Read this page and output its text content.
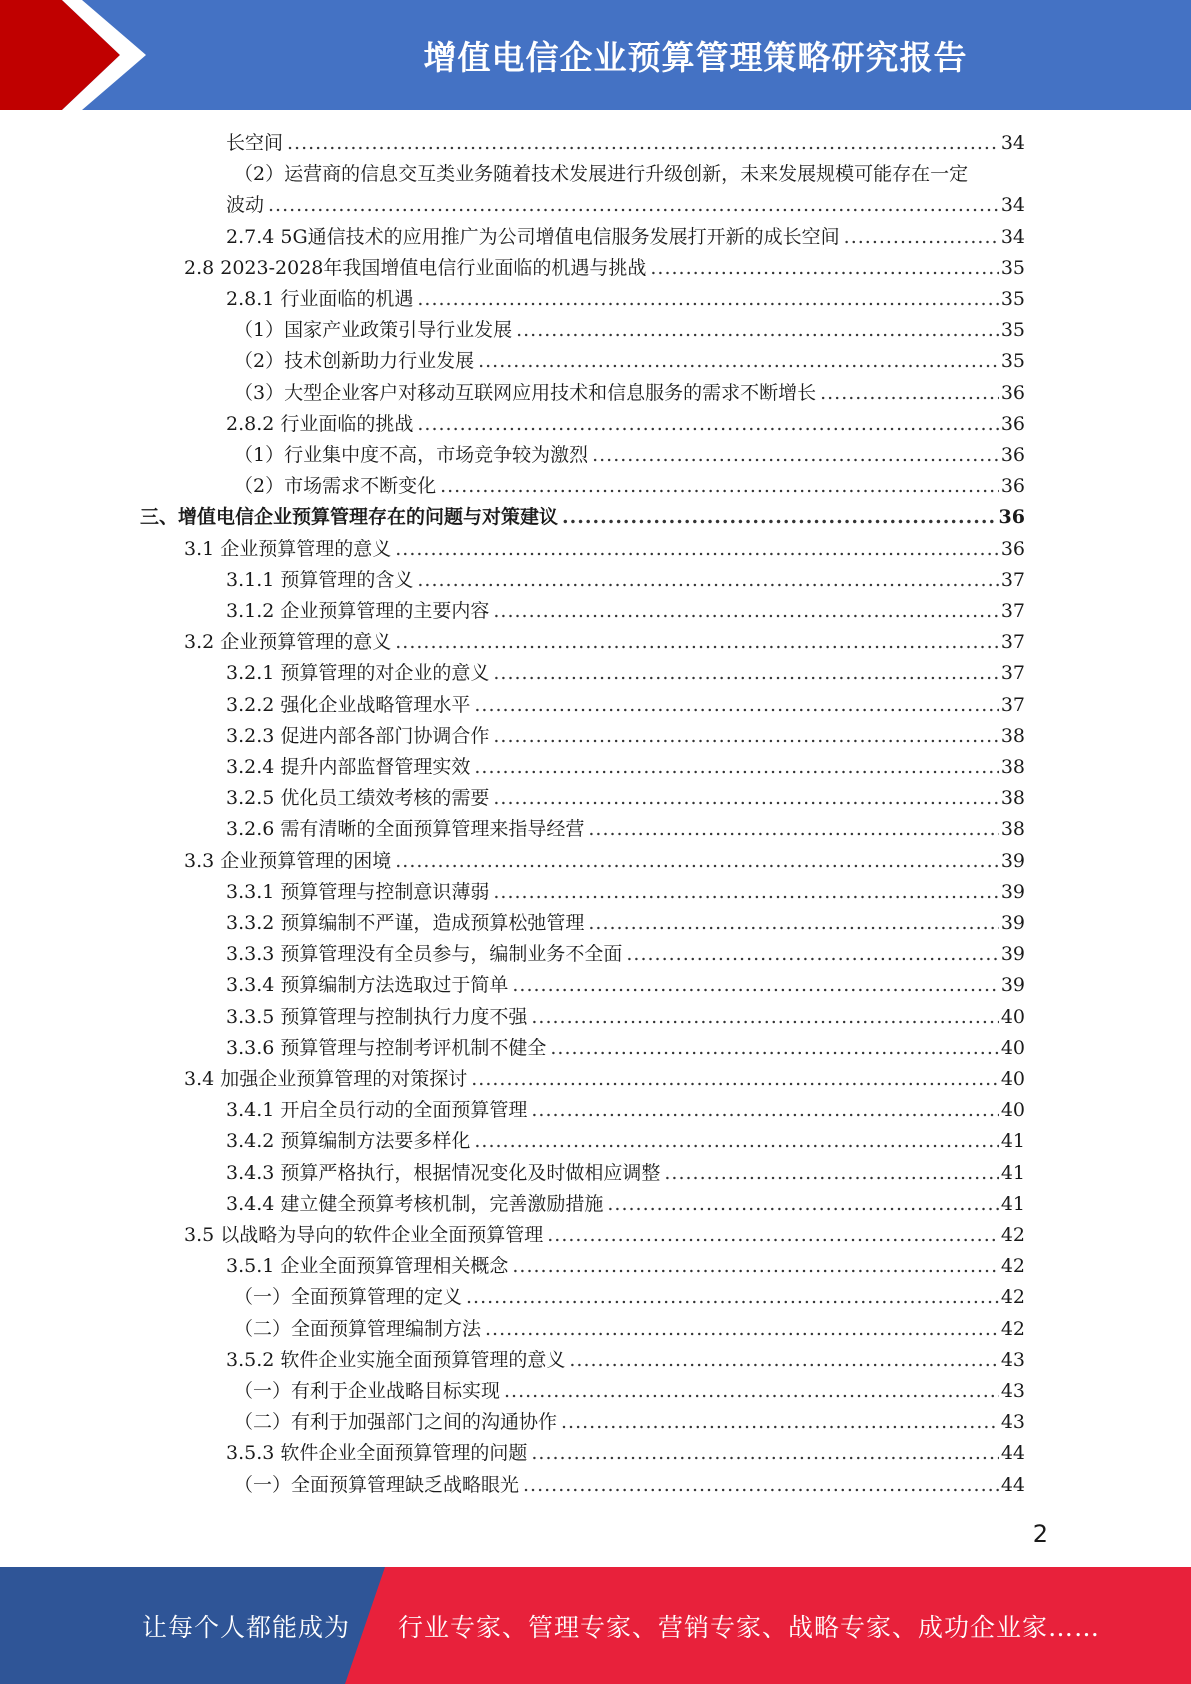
增值电信企业预算管理策略研究报告
长空间 .....	34
（2）运营商的信息交互类业务随着技术发展进行升级创新，未来发展规模可能存在一定
波动 .....	34
2.7.4 5G通信技术的应用推广为公司增值电信服务发展打开新的成长空间 .....	34
2.8 2023-2028年我国增值电信行业面临的机遇与挑战 .....	35
2.8.1 行业面临的机遇 .....	35
（1）国家产业政策引导行业发展 .....	35
（2）技术创新助力行业发展 .....	35
（3）大型企业客户对移动互联网应用技术和信息服务的需求不断增长 .....	36
2.8.2 行业面临的挑战 .....	36
（1）行业集中度不高，市场竞争较为激烈 .....	36
（2）市场需求不断变化 .....	36
三、增值电信企业预算管理存在的问题与对策建议 .....	36
3.1 企业预算管理的意义 .....	36
3.1.1 预算管理的含义 .....	37
3.1.2 企业预算管理的主要内容 .....	37
3.2 企业预算管理的意义 .....	37
3.2.1 预算管理的对企业的意义 .....	37
3.2.2 强化企业战略管理水平 .....	37
3.2.3 促进内部各部门协调合作 .....	38
3.2.4 提升内部监督管理实效 .....	38
3.2.5 优化员工绩效考核的需要 .....	38
3.2.6 需有清晰的全面预算管理来指导经营 .....	38
3.3 企业预算管理的困境 .....	39
3.3.1 预算管理与控制意识薄弱 .....	39
3.3.2 预算编制不严谨，造成预算松弛管理 .....	39
3.3.3 预算管理没有全员参与，编制业务不全面 .....	39
3.3.4 预算编制方法选取过于简单 .....	39
3.3.5 预算管理与控制执行力度不强 .....	40
3.3.6 预算管理与控制考评机制不健全 .....	40
3.4 加强企业预算管理的对策探讨 .....	40
3.4.1 开启全员行动的全面预算管理 .....	40
3.4.2 预算编制方法要多样化 .....	41
3.4.3 预算严格执行，根据情况变化及时做相应调整 .....	41
3.4.4 建立健全预算考核机制，完善激励措施 .....	41
3.5 以战略为导向的软件企业全面预算管理 .....	42
3.5.1 企业全面预算管理相关概念 .....	42
（一）全面预算管理的定义 .....	42
（二）全面预算管理编制方法 .....	42
3.5.2 软件企业实施全面预算管理的意义 .....	43
（一）有利于企业战略目标实现 .....	43
（二）有利于加强部门之间的沟通协作 .....	43
3.5.3 软件企业全面预算管理的问题 .....	44
（一）全面预算管理缺乏战略眼光 .....	44
2
让每个人都能成为 行业专家、管理专家、营销专家、战略专家、成功企业家……
